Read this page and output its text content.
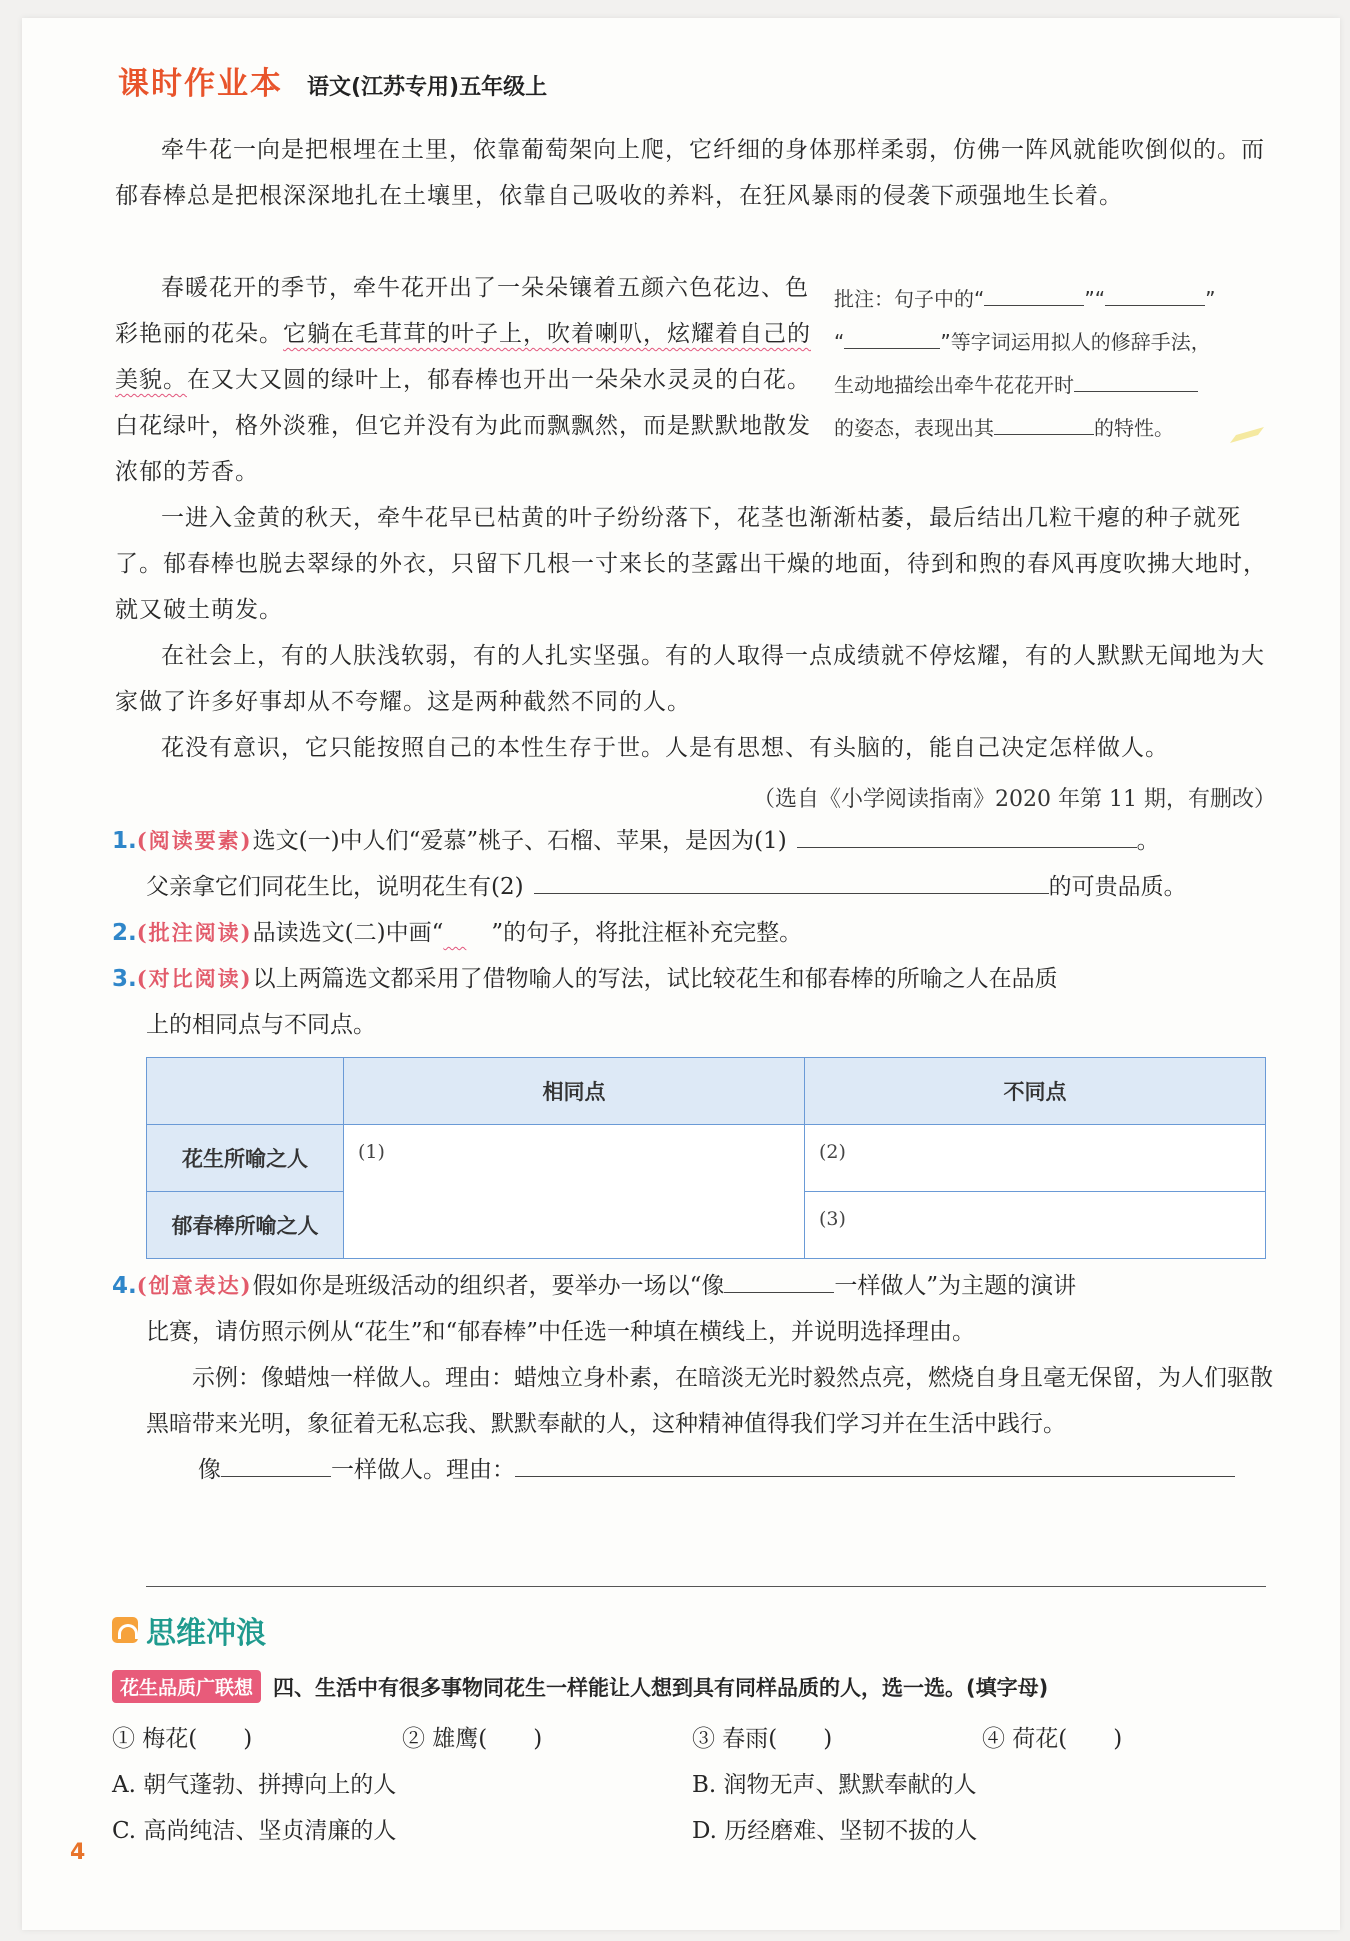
课时作业本 语文(江苏专用)五年级上

牵牛花一向是把根埋在土里，依靠葡萄架向上爬，它纤细的身体那样柔弱，仿佛一阵风就能吹倒似的。而郁春棒总是把根深深地扎在土壤里，依靠自己吸收的养料，在狂风暴雨的侵袭下顽强地生长着。

春暖花开的季节，牵牛花开出了一朵朵镶着五颜六色花边、色彩艳丽的花朵。它躺在毛茸茸的叶子上，吹着喇叭，炫耀着自己的美貌。在又大又圆的绿叶上，郁春棒也开出一朵朵水灵灵的白花。白花绿叶，格外淡雅，但它并没有为此而飘飘然，而是默默地散发浓郁的芳香。

批注：句子中的“	”“	”
“	”等字词运用拟人的修辞手法，
生动地描绘出牵牛花花开时
的姿态，表现出其	的特性。

一进入金黄的秋天，牵牛花早已枯黄的叶子纷纷落下，花茎也渐渐枯萎，最后结出几粒干瘪的种子就死了。郁春棒也脱去翠绿的外衣，只留下几根一寸来长的茎露出干燥的地面，待到和煦的春风再度吹拂大地时，就又破土萌发。

在社会上，有的人肤浅软弱，有的人扎实坚强。有的人取得一点成绩就不停炫耀，有的人默默无闻地为大家做了许多好事却从不夸耀。这是两种截然不同的人。

花没有意识，它只能按照自己的本性生存于世。人是有思想、有头脑的，能自己决定怎样做人。

（选自《小学阅读指南》2020 年第 11 期，有删改）
1.(阅读要素)选文(一)中人们“爱慕”桃子、石榴、苹果，是因为(1)	。
父亲拿它们同花生比，说明花生有(2)	的可贵品质。
2.(批注阅读)品读选文(二)中画“　 ”的句子，将批注框补充完整。
3.(对比阅读)以上两篇选文都采用了借物喻人的写法，试比较花生和郁春棒的所喻之人在品质
上的相同点与不同点。
	相同点	不同点
花生所喻之人	(1)	(2)
郁春棒所喻之人		(3)
4.(创意表达)假如你是班级活动的组织者，要举办一场以“像	一样做人”为主题的演讲
比赛，请仿照示例从“花生”和“郁春棒”中任选一种填在横线上，并说明选择理由。
示例：像蜡烛一样做人。理由：蜡烛立身朴素，在暗淡无光时毅然点亮，燃烧自身且毫无保留，为人们驱散黑暗带来光明，象征着无私忘我、默默奉献的人，这种精神值得我们学习并在生活中践行。
像	一样做人。理由：
思维冲浪
花生品质广联想 四、生活中有很多事物同花生一样能让人想到具有同样品质的人，选一选。(填字母)
① 梅花(　　)	② 雄鹰(　　)	③ 春雨(　　)	④ 荷花(　　)
A. 朝气蓬勃、拼搏向上的人	B. 润物无声、默默奉献的人
C. 高尚纯洁、坚贞清廉的人	D. 历经磨难、坚韧不拔的人
4
